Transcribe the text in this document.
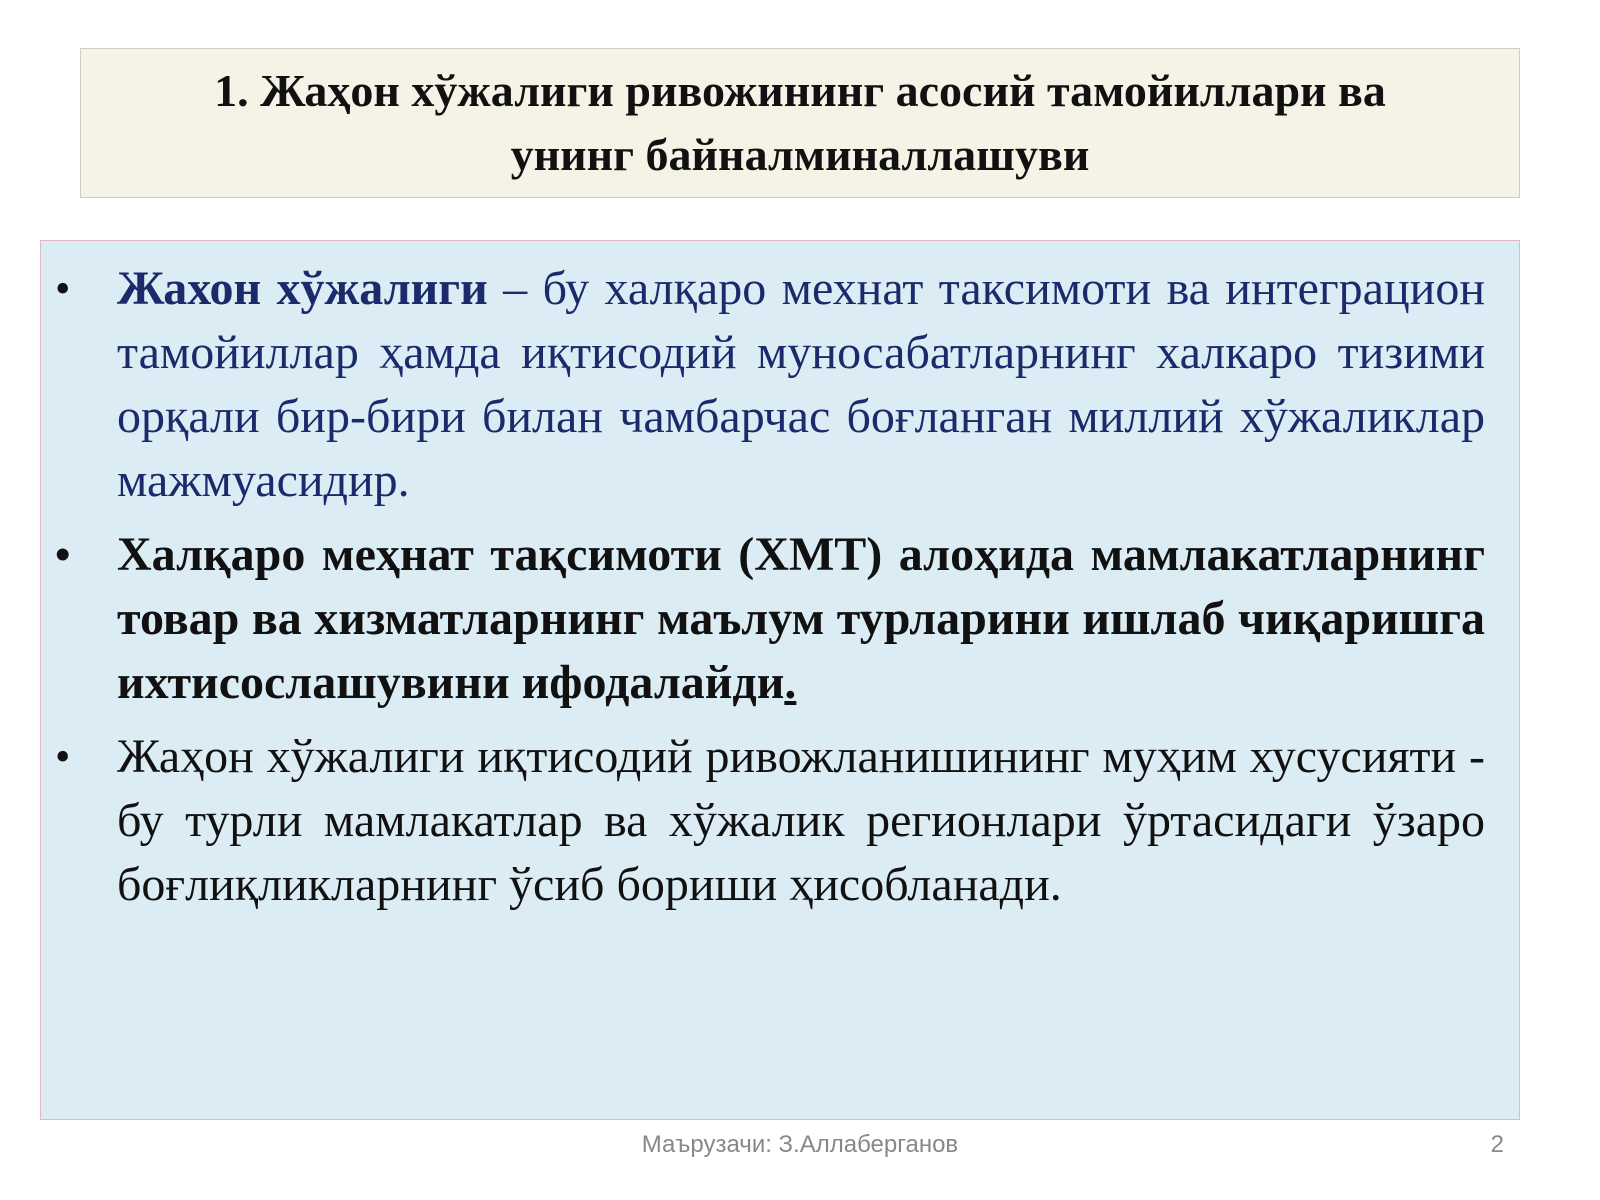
1. Жаҳон хўжалиги ривожининг асосий тамойиллари ва
унинг байналминаллашуви

• Жахон хўжалиги – бу халқаро мехнат таксимоти ва интеграцион тамойиллар ҳамда иқтисодий муносабатларнинг халкаро тизими орқали бир-бири билан чамбарчас боғланган миллий хўжаликлар мажмуасидир.
• Халқаро меҳнат тақсимоти (ХМТ) алоҳида мамлакатларнинг товар ва хизматларнинг маълум турларини ишлаб чиқаришга ихтисослашувини ифодалайди.
• Жаҳон хўжалиги иқтисодий ривожланишининг муҳим хусусияти - бу турли мамлакатлар ва хўжалик регионлари ўртасидаги ўзаро боғлиқликларнинг ўсиб бориши ҳисобланади.
Маърузачи: З.Аллаберганов	2
